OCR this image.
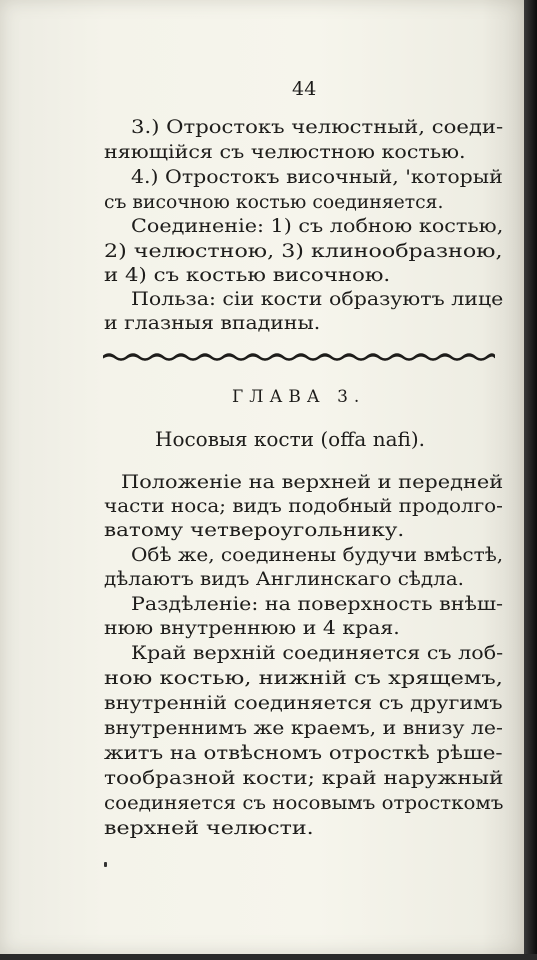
44
3.) Отростокъ челюстный, соеди-
няющійся съ челюстною костью.
4.) Отростокъ височный, 'который
съ височною костью соединяется.
Соединеніе: 1) съ лобною костью,
2) челюстною, 3) клинообразною,
и 4) съ костью височною.
Польза: сіи кости образуютъ лице
и глазныя впадины.
ГЛАВА 3.
Носовыя кости (offa nafi).
Положеніе на верхней и передней
части носа; видъ подобный продолго-
ватому четвероугольнику.
Обѣ же, соединены будучи вмѣстѣ,
дѣлаютъ видъ Англинскаго сѣдла.
Раздѣленіе: на поверхность внѣш-
нюю внутреннюю и 4 края.
Край верхній соединяется съ лоб-
ною костью, нижній съ хрящемъ,
внутренній соединяется съ другимъ
внутреннимъ же краемъ, и внизу ле-
житъ на отвѣсномъ отросткѣ рѣше-
тообразной кости; край наружный
соединяется съ носовымъ отросткомъ
верхней челюсти.
